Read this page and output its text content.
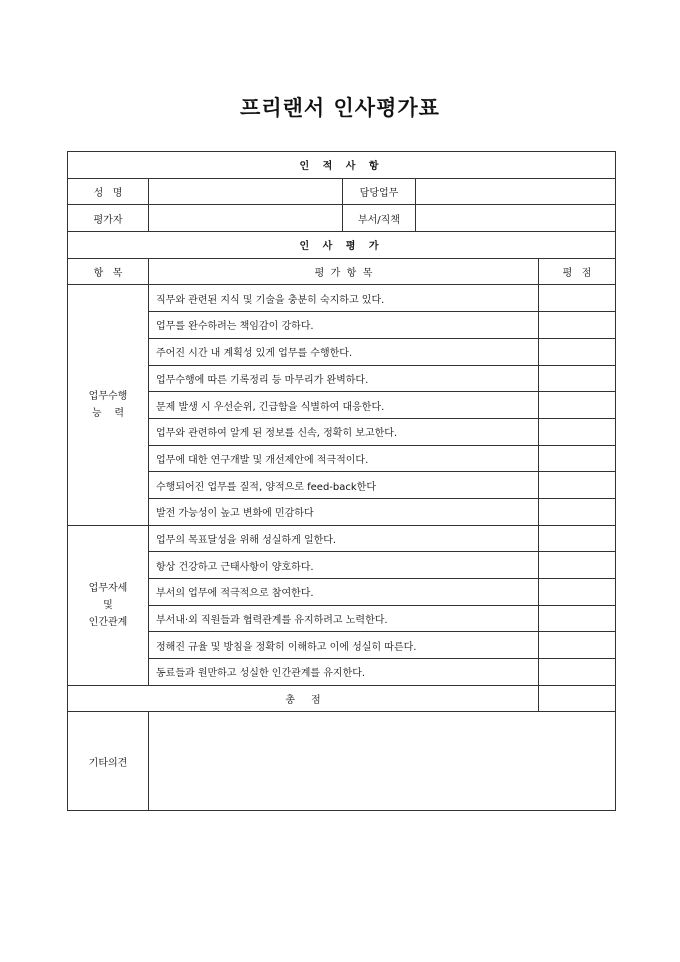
프리랜서 인사평가표
인 적 사 항				
성   명		담당업무		
평가자		부서/직책		
인 사 평 가				
항   목	평  가  항  목			평   점

업무수행
능    력	직무와 관련된 지식 및 기술을 충분히 숙지하고 있다.			
	업무를 완수하려는 책임감이 강하다.			
	주어진 시간 내 계획성 있게 업무를 수행한다.			
	업무수행에 따른 기록정리 등 마무리가 완벽하다.			
	문제 발생 시 우선순위, 긴급함을 식별하여 대응한다.			
	업무와 관련하여 알게 된 정보를 신속, 정확히 보고한다.			
	업무에 대한 연구개발 및 개선제안에 적극적이다.			
	수행되어진 업무를 질적, 양적으로 feed-back한다			
	발전 가능성이 높고 변화에 민감하다			

업무자세
및
인간관계	업무의 목표달성을 위해 성실하게 일한다.			
	항상 건강하고 근태사항이 양호하다.			
	부서의 업무에 적극적으로 참여한다.			
	부서내·외 직원들과 협력관계를 유지하려고 노력한다.			
	정해진 규율 및 방침을 정확히 이해하고 이에 성실히 따른다.			
	동료들과 원만하고 성실한 인간관계를 유지한다.			
총     점				
기타의견				
